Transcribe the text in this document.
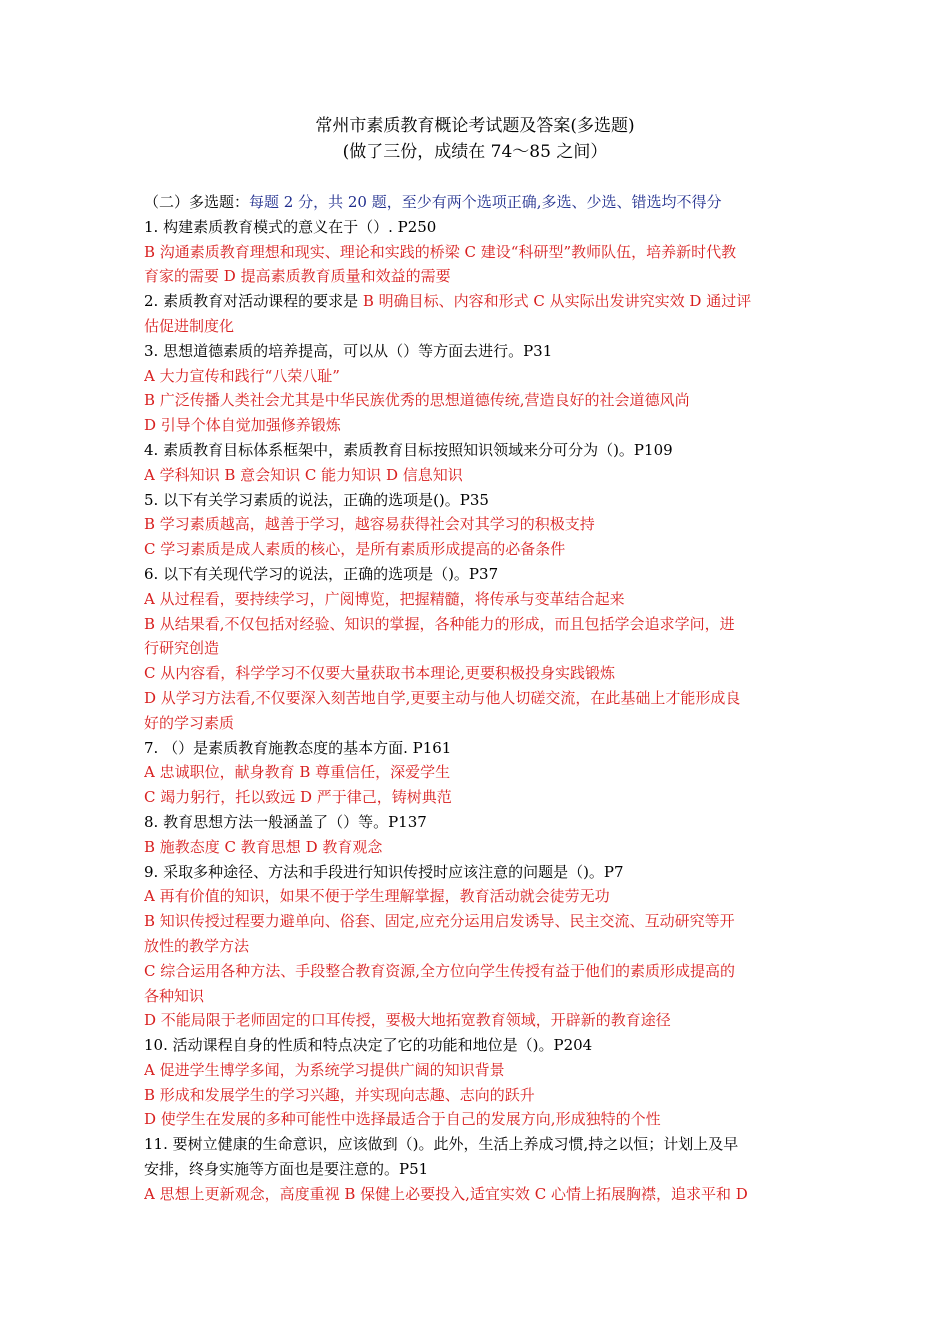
常州市素质教育概论考试题及答案(多选题)
(做了三份，成绩在 74～85 之间）
（二）多选题：每题 2 分，共 20 题，至少有两个选项正确,多选、少选、错选均不得分
1. 构建素质教育模式的意义在于（）. P250
B 沟通素质教育理想和现实、理论和实践的桥梁 C 建设“科研型”教师队伍，培养新时代教
育家的需要 D 提高素质教育质量和效益的需要
2. 素质教育对活动课程的要求是 B 明确目标、内容和形式 C 从实际出发讲究实效 D 通过评
估促进制度化
3. 思想道德素质的培养提高，可以从（）等方面去进行。P31
A 大力宣传和践行“八荣八耻”
B 广泛传播人类社会尤其是中华民族优秀的思想道德传统,营造良好的社会道德风尚
D 引导个体自觉加强修养锻炼
4. 素质教育目标体系框架中，素质教育目标按照知识领域来分可分为（)。P109
A 学科知识 B 意会知识 C 能力知识 D 信息知识
5. 以下有关学习素质的说法，正确的选项是()。P35
B 学习素质越高，越善于学习，越容易获得社会对其学习的积极支持
C 学习素质是成人素质的核心，是所有素质形成提高的必备条件
6. 以下有关现代学习的说法，正确的选项是（)。P37
A 从过程看，要持续学习，广阅博览，把握精髓，将传承与变革结合起来
B 从结果看,不仅包括对经验、知识的掌握，各种能力的形成，而且包括学会追求学问，进
行研究创造
C 从内容看，科学学习不仅要大量获取书本理论,更要积极投身实践锻炼
D 从学习方法看,不仅要深入刻苦地自学,更要主动与他人切磋交流，在此基础上才能形成良
好的学习素质
7. （）是素质教育施教态度的基本方面. P161
A 忠诚职位，献身教育 B 尊重信任，深爱学生
C 竭力躬行，托以致远 D 严于律己，铸树典范
8. 教育思想方法一般涵盖了（）等。P137
B 施教态度 C 教育思想 D 教育观念
9. 采取多种途径、方法和手段进行知识传授时应该注意的问题是（)。P7
A 再有价值的知识，如果不便于学生理解掌握，教育活动就会徒劳无功
B 知识传授过程要力避单向、俗套、固定,应充分运用启发诱导、民主交流、互动研究等开
放性的教学方法
C 综合运用各种方法、手段整合教育资源,全方位向学生传授有益于他们的素质形成提高的
各种知识
D 不能局限于老师固定的口耳传授，要极大地拓宽教育领域，开辟新的教育途径
10. 活动课程自身的性质和特点决定了它的功能和地位是（)。P204
A 促进学生博学多闻，为系统学习提供广阔的知识背景
B 形成和发展学生的学习兴趣，并实现向志趣、志向的跃升
D 使学生在发展的多种可能性中选择最适合于自己的发展方向,形成独特的个性
11. 要树立健康的生命意识，应该做到（)。此外，生活上养成习惯,持之以恒；计划上及早
安排，终身实施等方面也是要注意的。P51
A 思想上更新观念，高度重视 B 保健上必要投入,适宜实效 C 心情上拓展胸襟，追求平和 D
